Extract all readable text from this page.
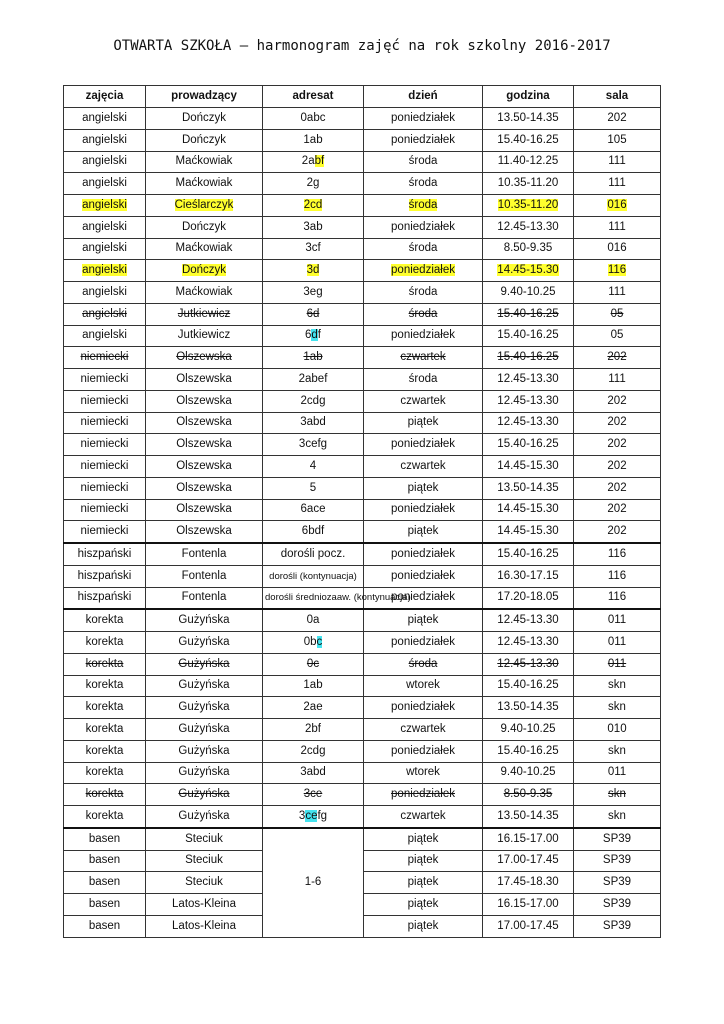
OTWARTA SZKOŁA – harmonogram zajęć na rok szkolny 2016-2017
zajęcia	prowadzący	adresat	dzień	godzina	sala
angielski	Dończyk	0abc	poniedziałek	13.50-14.35	202
angielski	Dończyk	1ab	poniedziałek	15.40-16.25	105
angielski	Maćkowiak	2abf	środa	11.40-12.25	111
angielski	Maćkowiak	2g	środa	10.35-11.20	111
angielski	Cieślarczyk	2cd	środa	10.35-11.20	016
angielski	Dończyk	3ab	poniedziałek	12.45-13.30	111
angielski	Maćkowiak	3cf	środa	8.50-9.35	016
angielski	Dończyk	3d	poniedziałek	14.45-15.30	116
angielski	Maćkowiak	3eg	środa	9.40-10.25	111
angielski	Jutkiewicz	6d	środa	15.40-16.25	05
angielski	Jutkiewicz	6df	poniedziałek	15.40-16.25	05
niemiecki	Olszewska	1ab	czwartek	15.40-16.25	202
niemiecki	Olszewska	2abef	środa	12.45-13.30	111
niemiecki	Olszewska	2cdg	czwartek	12.45-13.30	202
niemiecki	Olszewska	3abd	piątek	12.45-13.30	202
niemiecki	Olszewska	3cefg	poniedziałek	15.40-16.25	202
niemiecki	Olszewska	4	czwartek	14.45-15.30	202
niemiecki	Olszewska	5	piątek	13.50-14.35	202
niemiecki	Olszewska	6ace	poniedziałek	14.45-15.30	202
niemiecki	Olszewska	6bdf	piątek	14.45-15.30	202
hiszpański	Fontenla	dorośli pocz.	poniedziałek	15.40-16.25	116
hiszpański	Fontenla	dorośli (kontynuacja)	poniedziałek	16.30-17.15	116
hiszpański	Fontenla	dorośli średniozaaw. (kontynuacja)	poniedziałek	17.20-18.05	116
korekta	Gużyńska	0a	piątek	12.45-13.30	011
korekta	Gużyńska	0bc	poniedziałek	12.45-13.30	011
korekta	Gużyńska	0c	środa	12.45-13.30	011
korekta	Gużyńska	1ab	wtorek	15.40-16.25	skn
korekta	Gużyńska	2ae	poniedziałek	13.50-14.35	skn
korekta	Gużyńska	2bf	czwartek	9.40-10.25	010
korekta	Gużyńska	2cdg	poniedziałek	15.40-16.25	skn
korekta	Gużyńska	3abd	wtorek	9.40-10.25	011
korekta	Gużyńska	3ce	poniedziałek	8.50-9.35	skn
korekta	Gużyńska	3cefg	czwartek	13.50-14.35	skn
basen	Steciuk	1-6	piątek	16.15-17.00	SP39
basen	Steciuk		piątek	17.00-17.45	SP39
basen	Steciuk		piątek	17.45-18.30	SP39
basen	Latos-Kleina		piątek	16.15-17.00	SP39
basen	Latos-Kleina		piątek	17.00-17.45	SP39
